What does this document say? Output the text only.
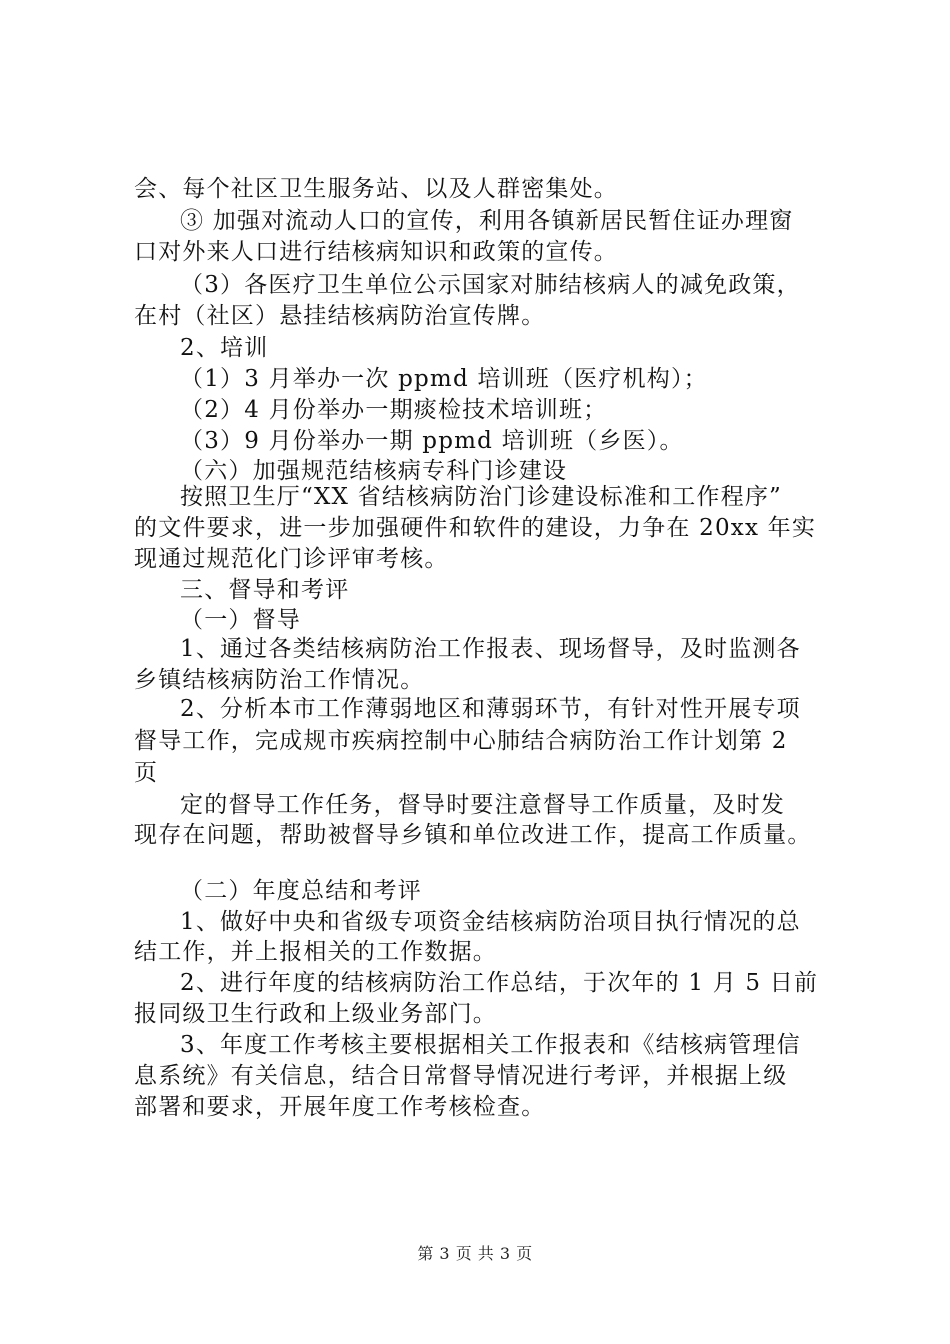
会、每个社区卫生服务站、以及人群密集处。
③ 加强对流动人口的宣传，利用各镇新居民暂住证办理窗
口对外来人口进行结核病知识和政策的宣传。
（3）各医疗卫生单位公示国家对肺结核病人的减免政策，
在村（社区）悬挂结核病防治宣传牌。
2、培训
（1）3 月举办一次 ppmd 培训班（医疗机构）；
（2）4 月份举办一期痰检技术培训班；
（3）9 月份举办一期 ppmd 培训班（乡医）。
（六）加强规范结核病专科门诊建设
按照卫生厅“XX 省结核病防治门诊建设标准和工作程序”
的文件要求，进一步加强硬件和软件的建设，力争在 20xx 年实
现通过规范化门诊评审考核。
三、督导和考评
（一）督导
1、通过各类结核病防治工作报表、现场督导，及时监测各
乡镇结核病防治工作情况。
2、分析本市工作薄弱地区和薄弱环节，有针对性开展专项
督导工作，完成规市疾病控制中心肺结合病防治工作计划第 2
页
定的督导工作任务，督导时要注意督导工作质量，及时发
现存在问题，帮助被督导乡镇和单位改进工作，提高工作质量。
（二）年度总结和考评
1、做好中央和省级专项资金结核病防治项目执行情况的总
结工作，并上报相关的工作数据。
2、进行年度的结核病防治工作总结，于次年的 1 月 5 日前
报同级卫生行政和上级业务部门。
3、年度工作考核主要根据相关工作报表和《结核病管理信
息系统》有关信息，结合日常督导情况进行考评，并根据上级
部署和要求，开展年度工作考核检查。
第 3 页 共 3 页
